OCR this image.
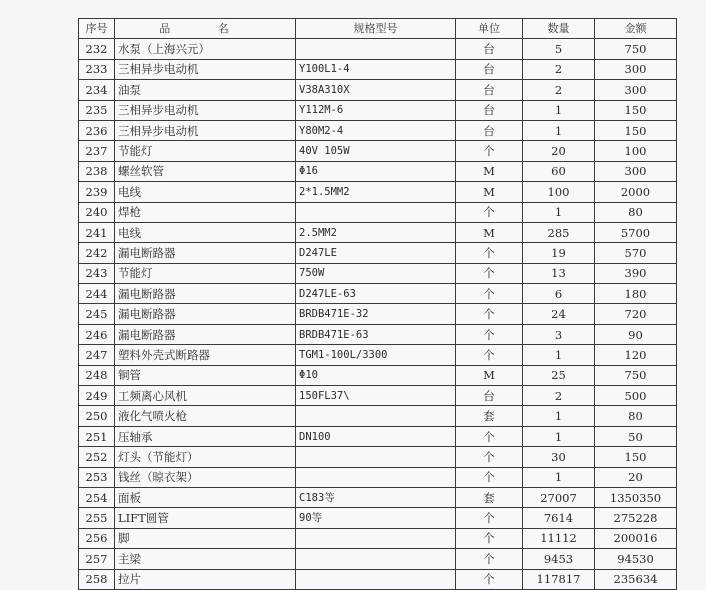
序号	品 名	规格型号	单位	数量	金额
232	水泵（上海兴元）		台	5	750
233	三相异步电动机	Y100L1-4	台	2	300
234	油泵	V38A310X	台	2	300
235	三相异步电动机	Y112M-6	台	1	150
236	三相异步电动机	Y80M2-4	台	1	150
237	节能灯	40V 105W	个	20	100
238	螺丝软管	Φ16	M	60	300
239	电线	2*1.5MM2	M	100	2000
240	焊枪		个	1	80
241	电线	2.5MM2	M	285	5700
242	漏电断路器	D247LE	个	19	570
243	节能灯	750W	个	13	390
244	漏电断路器	D247LE-63	个	6	180
245	漏电断路器	BRDB471E-32	个	24	720
246	漏电断路器	BRDB471E-63	个	3	90
247	塑料外壳式断路器	TGM1-100L/3300	个	1	120
248	铜管	Φ10	M	25	750
249	工频离心风机	150FL37\	台	2	500
250	液化气喷火枪		套	1	80
251	压轴承	DN100	个	1	50
252	灯头（节能灯）		个	30	150
253	钱丝（晾衣架）		个	1	20
254	面板	C183等	套	27007	1350350
255	LIFT圆管	90等	个	7614	275228
256	脚		个	11112	200016
257	主梁		个	9453	94530
258	拉片		个	117817	235634
